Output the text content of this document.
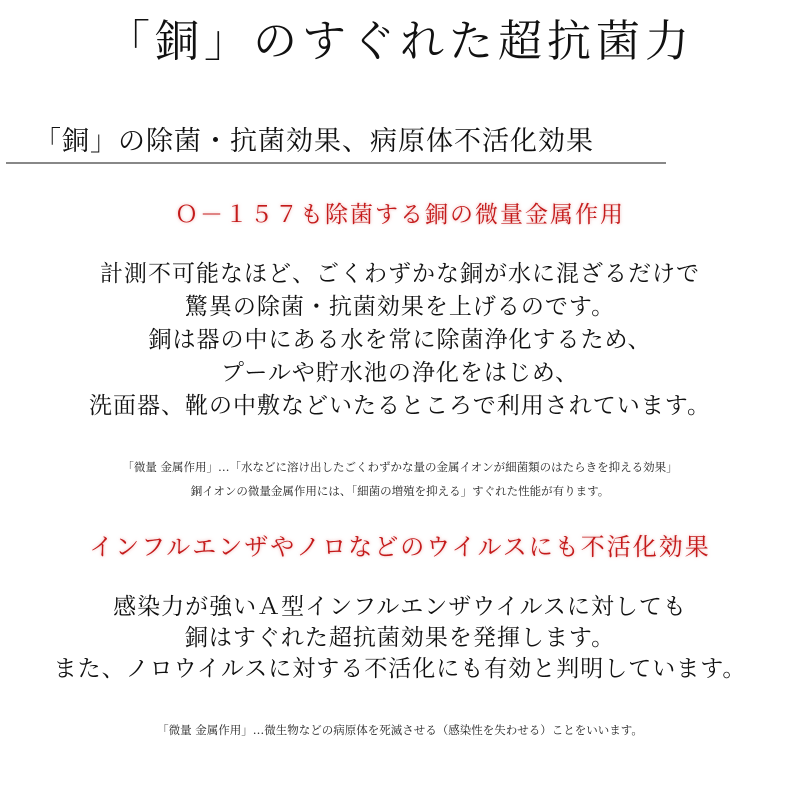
「銅」のすぐれた超抗菌力
「銅」の除菌・抗菌効果、病原体不活化効果
Ｏ－１５７も除菌する銅の微量金属作用
計測不可能なほど、ごくわずかな銅が水に混ざるだけで
驚異の除菌・抗菌効果を上げるのです。
銅は器の中にある水を常に除菌浄化するため、
プールや貯水池の浄化をはじめ、
洗面器、靴の中敷などいたるところで利用されています。
「微量 金属作用」…「水などに溶け出したごくわずかな量の金属イオンが細菌類のはたらきを抑える効果」
銅イオンの微量金属作用には、「細菌の増殖を抑える」すぐれた性能が有ります。
インフルエンザやノロなどのウイルスにも不活化効果
感染力が強いＡ型インフルエンザウイルスに対しても
銅はすぐれた超抗菌効果を発揮します。
また、ノロウイルスに対する不活化にも有効と判明しています。
「微量 金属作用」…微生物などの病原体を死滅させる（感染性を失わせる）ことをいいます。
